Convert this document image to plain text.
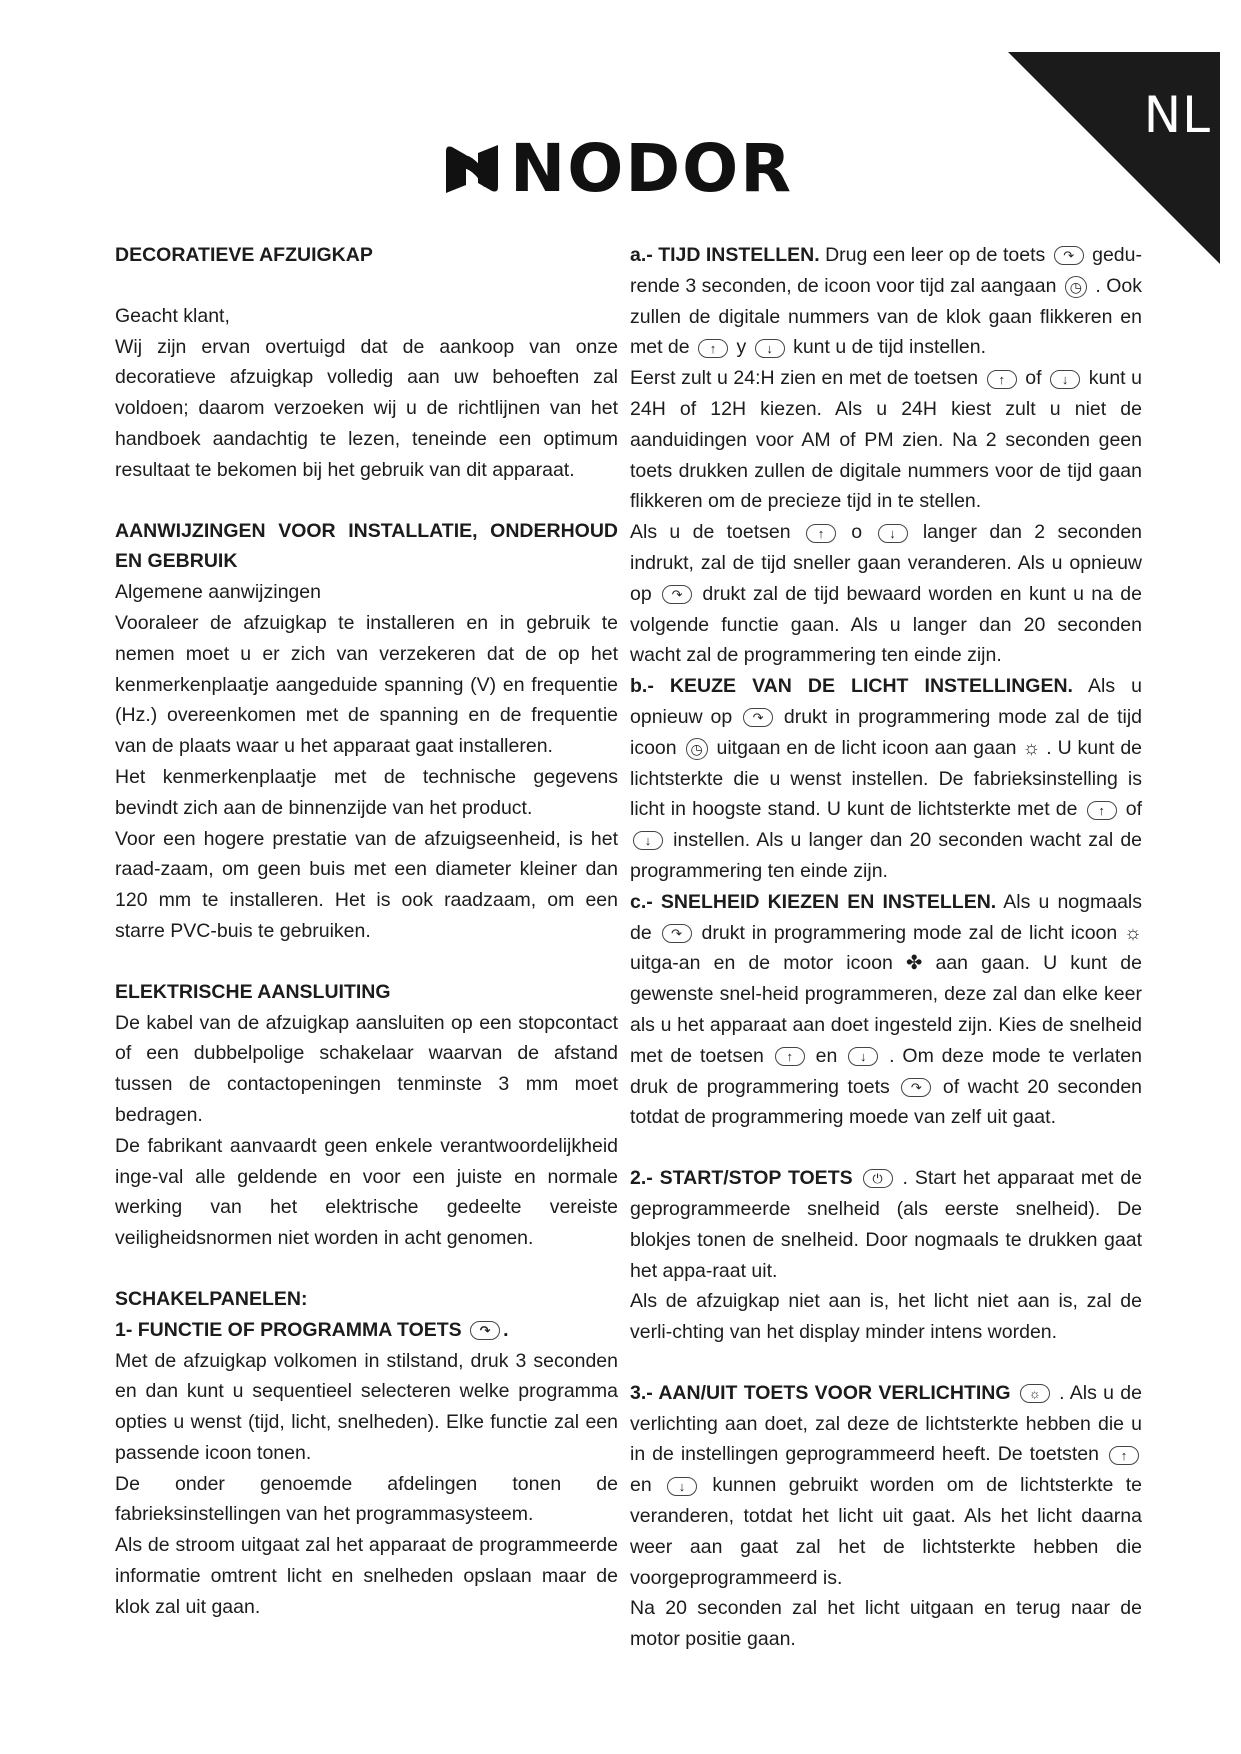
NL
NODOR

DECORATIEVE AFZUIGKAP

Geacht klant,

Wij zijn ervan overtuigd dat de aankoop van onze decoratieve afzuigkap volledig aan uw behoeften zal voldoen; daarom verzoeken wij u de richtlijnen van het handboek aandachtig te lezen, teneinde een optimum resultaat te bekomen bij het gebruik van dit apparaat.

AANWIJZINGEN VOOR INSTALLATIE, ONDERHOUD EN GEBRUIK

Algemene aanwijzingen

Vooraleer de afzuigkap te installeren en in gebruik te nemen moet u er zich van verzekeren dat de op het kenmerkenplaatje aangeduide spanning (V) en frequentie (Hz.) overeenkomen met de spanning en de frequentie van de plaats waar u het apparaat gaat installeren.

Het kenmerkenplaatje met de technische gegevens bevindt zich aan de binnenzijde van het product.

Voor een hogere prestatie van de afzuigseenheid, is het raad-zaam, om geen buis met een diameter kleiner dan 120 mm te installeren. Het is ook raadzaam, om een starre PVC-buis te gebruiken.

ELEKTRISCHE AANSLUITING

De kabel van de afzuigkap aansluiten op een stopcontact of een dubbelpolige schakelaar waarvan de afstand tussen de contactopeningen tenminste 3 mm moet bedragen.

De fabrikant aanvaardt geen enkele verantwoordelijkheid inge-val alle geldende en voor een juiste en normale werking van het elektrische gedeelte vereiste veiligheidsnormen niet worden in acht genomen.

SCHAKELPANELEN:

1- FUNCTIE OF PROGRAMMA TOETS ↷ .

Met de afzuigkap volkomen in stilstand, druk 3 seconden en dan kunt u sequentieel selecteren welke programma opties u wenst (tijd, licht, snelheden). Elke functie zal een passende icoon tonen.

De onder genoemde afdelingen tonen de fabrieksinstellingen van het programmasysteem.

Als de stroom uitgaat zal het apparaat de programmeerde informatie omtrent licht en snelheden opslaan maar de klok zal uit gaan.

a.- TIJD INSTELLEN. Drug een leer op de toets ↷ gedu-rende 3 seconden, de icoon voor tijd zal aangaan ◷ . Ook zullen de digitale nummers van de klok gaan flikkeren en met de ↑ y ↓ kunt u de tijd instellen.

Eerst zult u 24:H zien en met de toetsen ↑ of ↓ kunt u 24H of 12H kiezen. Als u 24H kiest zult u niet de aanduidingen voor AM of PM zien. Na 2 seconden geen toets drukken zullen de digitale nummers voor de tijd gaan flikkeren om de precieze tijd in te stellen.

Als u de toetsen ↑ o ↓ langer dan 2 seconden indrukt, zal de tijd sneller gaan veranderen. Als u opnieuw op ↷ drukt zal de tijd bewaard worden en kunt u na de volgende functie gaan. Als u langer dan 20 seconden wacht zal de programmering ten einde zijn.

b.- KEUZE VAN DE LICHT INSTELLINGEN. Als u opnieuw op ↷ drukt in programmering mode zal de tijd icoon ◷ uitgaan en de licht icoon aan gaan ☼ . U kunt de lichtsterkte die u wenst instellen. De fabrieksinstelling is licht in hoogste stand. U kunt de lichtsterkte met de ↑ of ↓ instellen. Als u langer dan 20 seconden wacht zal de programmering ten einde zijn.

c.- SNELHEID KIEZEN EN INSTELLEN. Als u nogmaals de ↷ drukt in programmering mode zal de licht icoon ☼ uitga-an en de motor icoon ✤ aan gaan. U kunt de gewenste snel-heid programmeren, deze zal dan elke keer als u het apparaat aan doet ingesteld zijn. Kies de snelheid met de toetsen ↑ en ↓ . Om deze mode te verlaten druk de programmering toets ↷ of wacht 20 seconden totdat de programmering moede van zelf uit gaat.

2.- START/STOP TOETS ⏻ . Start het apparaat met de geprogrammeerde snelheid (als eerste snelheid). De blokjes tonen de snelheid. Door nogmaals te drukken gaat het appa-raat uit.

Als de afzuigkap niet aan is, het licht niet aan is, zal de verli-chting van het display minder intens worden.

3.- AAN/UIT TOETS VOOR VERLICHTING ☼ . Als u de verlichting aan doet, zal deze de lichtsterkte hebben die u in de instellingen geprogrammeerd heeft. De toetsten ↑ en ↓ kunnen gebruikt worden om de lichtsterkte te veranderen, totdat het licht uit gaat. Als het licht daarna weer aan gaat zal het de lichtsterkte hebben die voorgeprogrammeerd is.

Na 20 seconden zal het licht uitgaan en terug naar de motor positie gaan.
